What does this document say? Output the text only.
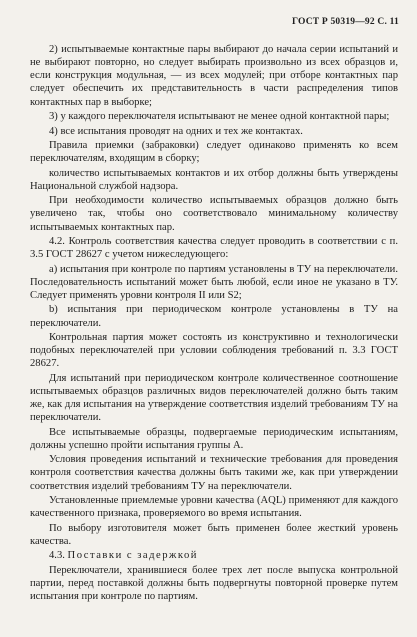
ГОСТ Р 50319—92 С. 11

2) испытываемые контактные пары выбирают до начала серии испытаний и не выбирают повторно, но следует выбирать произвольно из всех образцов и, если конструкция модульная, — из всех модулей; при отборе контактных пар следует обеспечить их представительность в части распределения типов контактных пар в выборке;

3) у каждого переключателя испытывают не менее одной контактной пары;

4) все испытания проводят на одних и тех же контактах.

Правила приемки (забраковки) следует одинаково применять ко всем переключателям, входящим в сборку;

количество испытываемых контактов и их отбор должны быть утверждены Национальной службой надзора.

При необходимости количество испытываемых образцов должно быть увеличено так, чтобы оно соответствовало минимальному количеству испытываемых контактных пар.

4.2. Контроль соответствия качества следует проводить в соответствии с п. 3.5 ГОСТ 28627 с учетом нижеследующего:

а) испытания при контроле по партиям установлены в ТУ на переключатели. Последовательность испытаний может быть любой, если иное не указано в ТУ. Следует применять уровни контроля II или S2;

b) испытания при периодическом контроле установлены в ТУ на переключатели.

Контрольная партия может состоять из конструктивно и технологически подобных переключателей при условии соблюдения требований п. 3.3 ГОСТ 28627.

Для испытаний при периодическом контроле количественное соотношение испытываемых образцов различных видов переключателей должно быть таким же, как для испытания на утверждение соответствия изделий требованиям ТУ на переключатели.

Все испытываемые образцы, подвергаемые периодическим испытаниям, должны успешно пройти испытания группы А.

Условия проведения испытаний и технические требования для проведения контроля соответствия качества должны быть такими же, как при утверждении соответствия изделий требованиям ТУ на переключатели.

Установленные приемлемые уровни качества (AQL) применяют для каждого качественного признака, проверяемого во время испытания.

По выбору изготовителя может быть применен более жесткий уровень качества.

4.3. Поставки с задержкой

Переключатели, хранившиеся более трех лет после выпуска контрольной партии, перед поставкой должны быть подвергнуты повторной проверке путем испытания при контроле по партиям.
